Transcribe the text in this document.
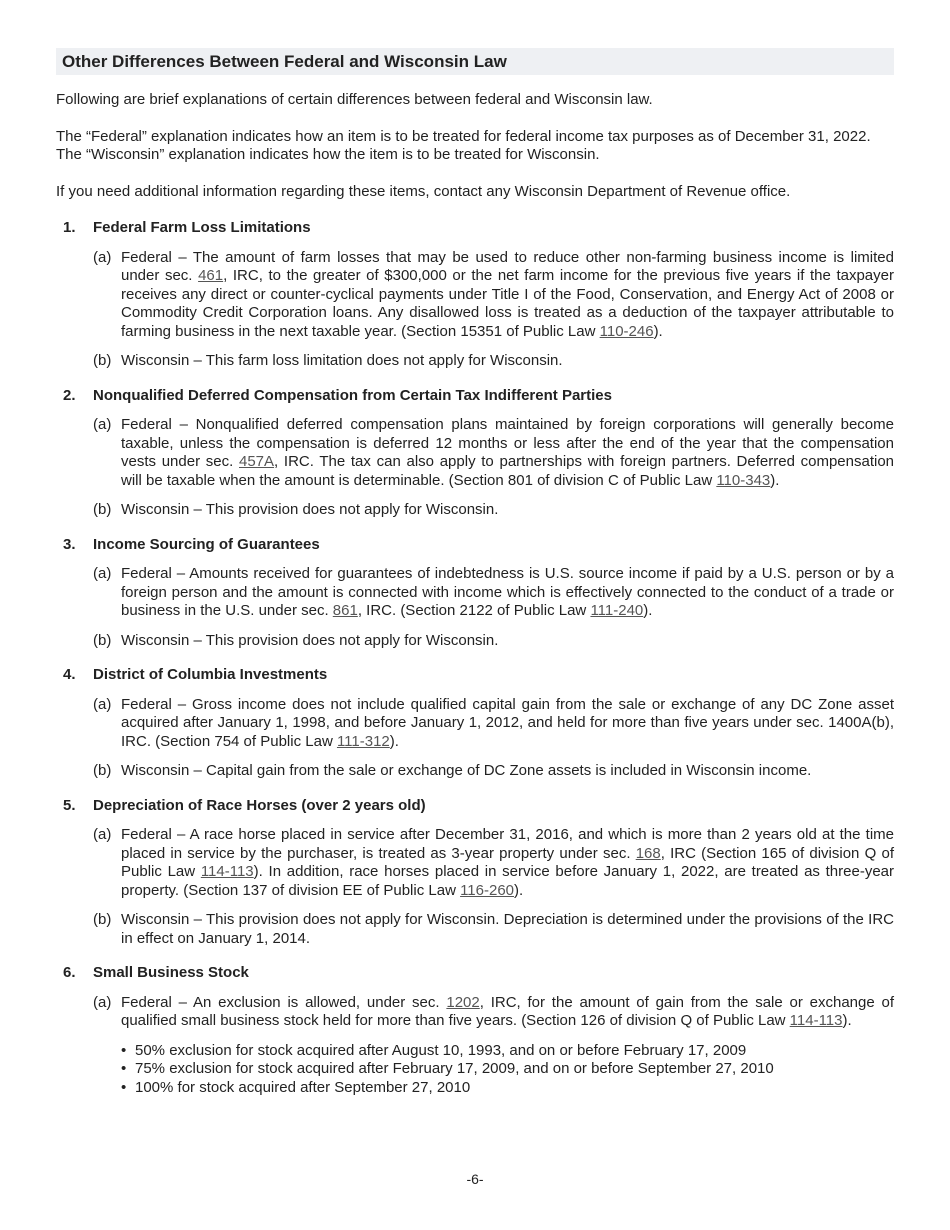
Other Differences Between Federal and Wisconsin Law

Following are brief explanations of certain differences between federal and Wisconsin law.

The “Federal” explanation indicates how an item is to be treated for federal income tax purposes as of December 31, 2022. The “Wisconsin” explanation indicates how the item is to be treated for Wisconsin.

If you need additional information regarding these items, contact any Wisconsin Department of Revenue office.

1.	Federal Farm Loss Limitations
(a) Federal – The amount of farm losses that may be used to reduce other non-farming business income is limited under sec. 461, IRC, to the greater of $300,000 or the net farm income for the previous five years if the taxpayer receives any direct or counter-cyclical payments under Title I of the Food, Conservation, and Energy Act of 2008 or Commodity Credit Corporation loans. Any disallowed loss is treated as a deduction of the taxpayer attributable to farming business in the next taxable year. (Section 15351 of Public Law 110-246).
(b) Wisconsin – This farm loss limitation does not apply for Wisconsin.
2.	Nonqualified Deferred Compensation from Certain Tax Indifferent Parties
(a) Federal – Nonqualified deferred compensation plans maintained by foreign corporations will generally become taxable, unless the compensation is deferred 12 months or less after the end of the year that the compensation vests under sec. 457A, IRC. The tax can also apply to partnerships with foreign partners. Deferred compensation will be taxable when the amount is determinable. (Section 801 of division C of Public Law 110-343).
(b) Wisconsin – This provision does not apply for Wisconsin.
3.	Income Sourcing of Guarantees
(a) Federal – Amounts received for guarantees of indebtedness is U.S. source income if paid by a U.S. person or by a foreign person and the amount is connected with income which is effectively connected to the conduct of a trade or business in the U.S. under sec. 861, IRC. (Section 2122 of Public Law 111-240).
(b) Wisconsin – This provision does not apply for Wisconsin.
4.	District of Columbia Investments
(a) Federal – Gross income does not include qualified capital gain from the sale or exchange of any DC Zone asset acquired after January 1, 1998, and before January 1, 2012, and held for more than five years under sec. 1400A(b), IRC. (Section 754 of Public Law 111-312).
(b) Wisconsin – Capital gain from the sale or exchange of DC Zone assets is included in Wisconsin income.
5.	Depreciation of Race Horses (over 2 years old)
(a) Federal – A race horse placed in service after December 31, 2016, and which is more than 2 years old at the time placed in service by the purchaser, is treated as 3-year property under sec. 168, IRC (Section 165 of division Q of Public Law 114-113). In addition, race horses placed in service before January 1, 2022, are treated as three-year property. (Section 137 of division EE of Public Law 116-260).
(b) Wisconsin – This provision does not apply for Wisconsin. Depreciation is determined under the provisions of the IRC in effect on January 1, 2014.
6.	Small Business Stock
(a) Federal – An exclusion is allowed, under sec. 1202, IRC, for the amount of gain from the sale or exchange of qualified small business stock held for more than five years. (Section 126 of division Q of Public Law 114-113).
• 50% exclusion for stock acquired after August 10, 1993, and on or before February 17, 2009
• 75% exclusion for stock acquired after February 17, 2009, and on or before September 27, 2010
• 100% for stock acquired after September 27, 2010
-6-
